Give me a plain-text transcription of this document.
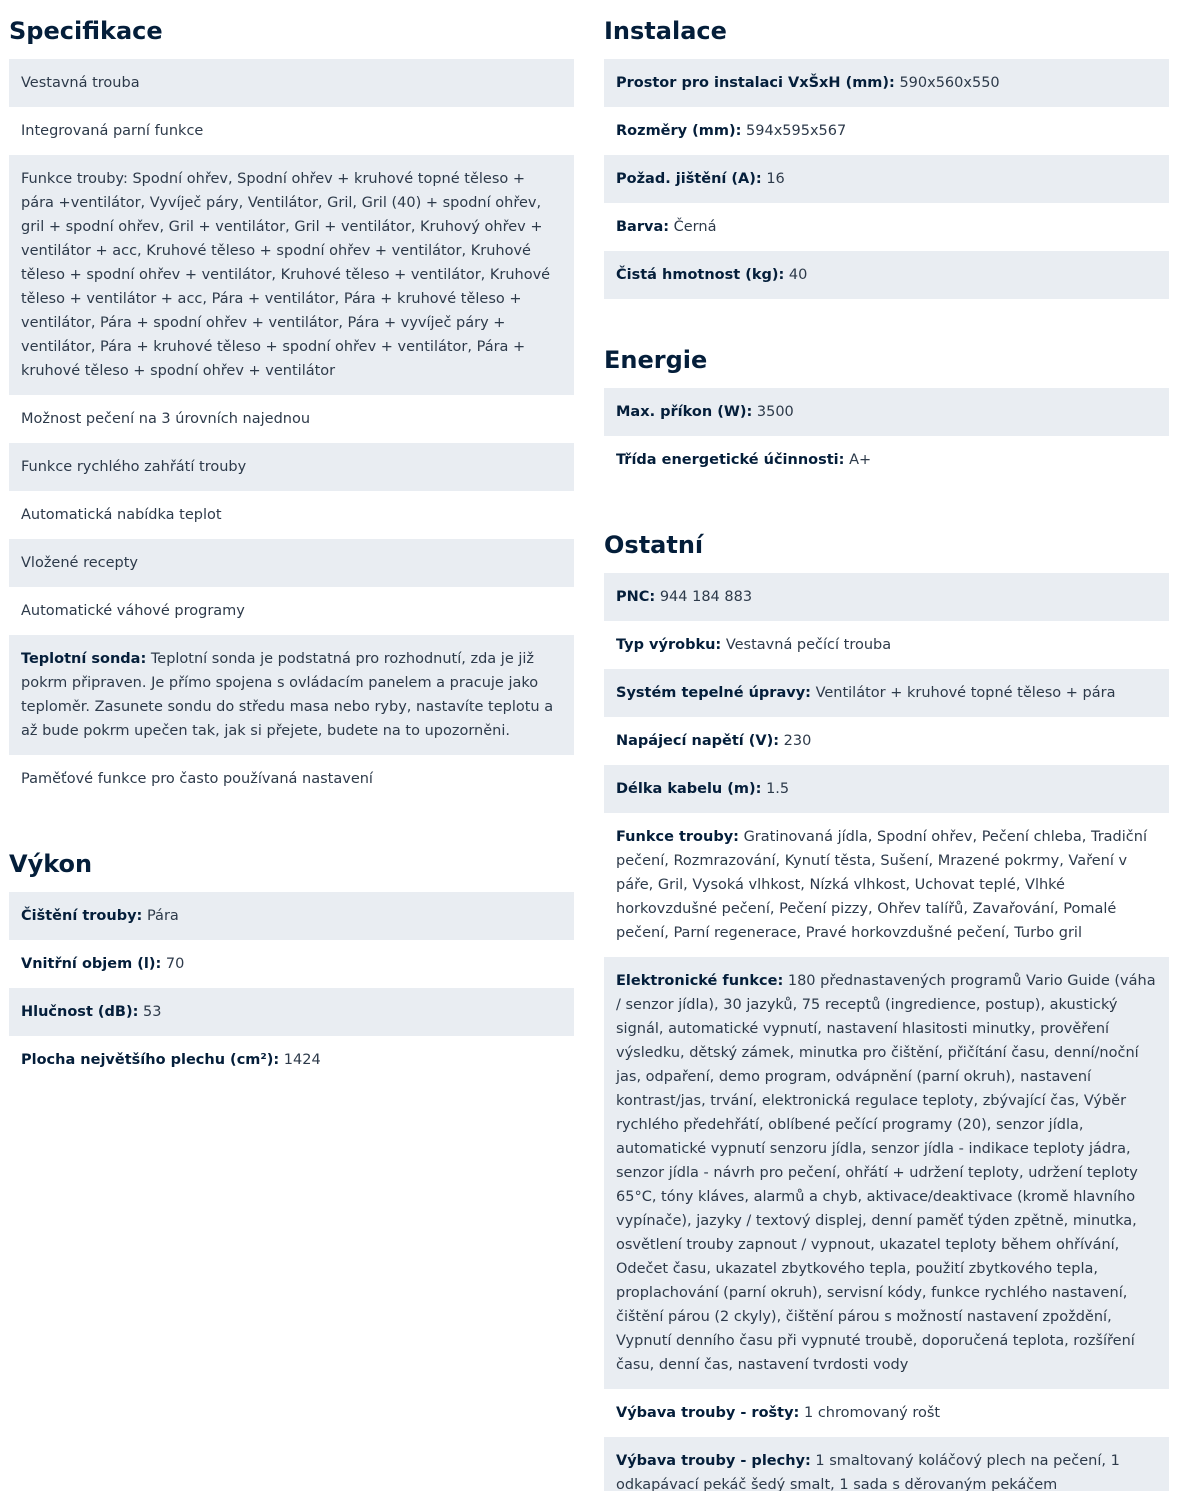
Specifikace
Vestavná trouba
Integrovaná parní funkce
Funkce trouby: Spodní ohřev, Spodní ohřev + kruhové topné těleso + pára +ventilátor, Vyvíječ páry, Ventilátor, Gril, Gril (40) + spodní ohřev, gril + spodní ohřev, Gril + ventilátor, Gril + ventilátor, Kruhový ohřev + ventilátor + acc, Kruhové těleso + spodní ohřev + ventilátor, Kruhové těleso + spodní ohřev + ventilátor, Kruhové těleso + ventilátor, Kruhové těleso + ventilátor + acc, Pára + ventilátor, Pára + kruhové těleso + ventilátor, Pára + spodní ohřev + ventilátor, Pára + vyvíječ páry + ventilátor, Pára + kruhové těleso + spodní ohřev + ventilátor, Pára + kruhové těleso + spodní ohřev + ventilátor
Možnost pečení na 3 úrovních najednou
Funkce rychlého zahřátí trouby
Automatická nabídka teplot
Vložené recepty
Automatické váhové programy
Teplotní sonda: Teplotní sonda je podstatná pro rozhodnutí, zda je již pokrm připraven. Je přímo spojena s ovládacím panelem a pracuje jako teploměr. Zasunete sondu do středu masa nebo ryby, nastavíte teplotu a až bude pokrm upečen tak, jak si přejete, budete na to upozorněni.
Paměťové funkce pro často používaná nastavení
Výkon
Čištění trouby: Pára
Vnitřní objem (l): 70
Hlučnost (dB): 53
Plocha největšího plechu (cm²): 1424
Instalace
Prostor pro instalaci VxŠxH (mm): 590x560x550
Rozměry (mm): 594x595x567
Požad. jištění (A): 16
Barva: Černá
Čistá hmotnost (kg): 40
Energie
Max. příkon (W): 3500
Třída energetické účinnosti: A+
Ostatní
PNC: 944 184 883
Typ výrobku: Vestavná pečící trouba
Systém tepelné úpravy: Ventilátor + kruhové topné těleso + pára
Napájecí napětí (V): 230
Délka kabelu (m): 1.5
Funkce trouby: Gratinovaná jídla, Spodní ohřev, Pečení chleba, Tradiční pečení, Rozmrazování, Kynutí těsta, Sušení, Mrazené pokrmy, Vaření v páře, Gril, Vysoká vlhkost, Nízká vlhkost, Uchovat teplé, Vlhké horkovzdušné pečení, Pečení pizzy, Ohřev talířů, Zavařování, Pomalé pečení, Parní regenerace, Pravé horkovzdušné pečení, Turbo gril
Elektronické funkce: 180 přednastavených programů Vario Guide (váha / senzor jídla), 30 jazyků, 75 receptů (ingredience, postup), akustický signál, automatické vypnutí, nastavení hlasitosti minutky, prověření výsledku, dětský zámek, minutka pro čištění, přičítání času, denní/noční jas, odpaření, demo program, odvápnění (parní okruh), nastavení kontrast/jas, trvání, elektronická regulace teploty, zbývající čas, Výběr rychlého předehřátí, oblíbené pečící programy (20), senzor jídla, automatické vypnutí senzoru jídla, senzor jídla - indikace teploty jádra, senzor jídla - návrh pro pečení, ohřátí + udržení teploty, udržení teploty 65°C, tóny kláves, alarmů a chyb, aktivace/deaktivace (kromě hlavního vypínače), jazyky / textový displej, denní paměť týden zpětně, minutka, osvětlení trouby zapnout / vypnout, ukazatel teploty během ohřívání, Odečet času, ukazatel zbytkového tepla, použití zbytkového tepla, proplachování (parní okruh), servisní kódy, funkce rychlého nastavení, čištění párou (2 ckyly), čištění párou s možností nastavení zpoždění, Vypnutí denního času při vypnuté troubě, doporučená teplota, rozšíření času, denní čas, nastavení tvrdosti vody
Výbava trouby - rošty: 1 chromovaný rošt
Výbava trouby - plechy: 1 smaltovaný koláčový plech na pečení, 1 odkapávací pekáč šedý smalt, 1 sada s děrovaným pekáčem
